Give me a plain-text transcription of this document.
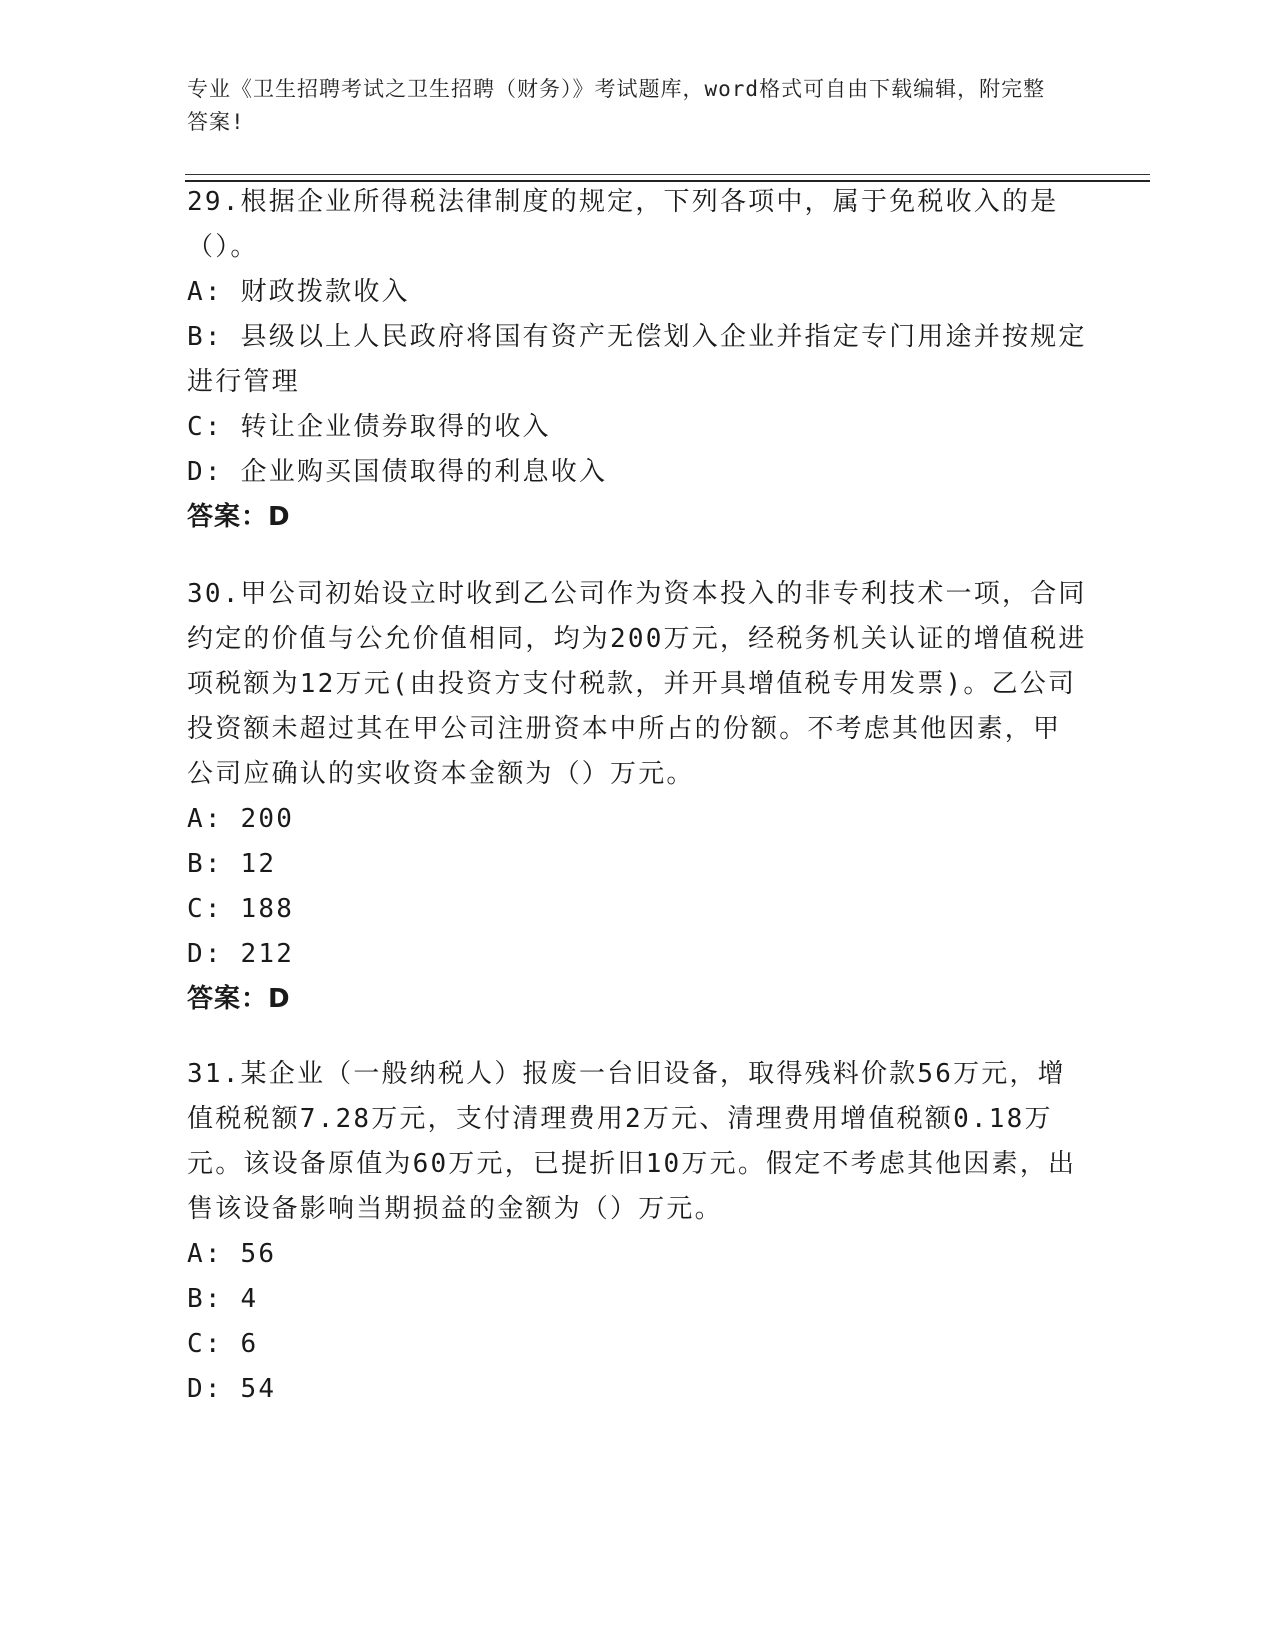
专业《卫生招聘考试之卫生招聘（财务）》考试题库，word格式可自由下载编辑，附完整答案!

29.根据企业所得税法律制度的规定，下列各项中，属于免税收入的是（）。

A: 财政拨款收入

B: 县级以上人民政府将国有资产无偿划入企业并指定专门用途并按规定进行管理

C: 转让企业债券取得的收入

D: 企业购买国债取得的利息收入

答案：D

30.甲公司初始设立时收到乙公司作为资本投入的非专利技术一项，合同约定的价值与公允价值相同，均为200万元，经税务机关认证的增值税进项税额为12万元(由投资方支付税款，并开具增值税专用发票)。乙公司投资额未超过其在甲公司注册资本中所占的份额。不考虑其他因素，甲公司应确认的实收资本金额为（）万元。

A: 200

B: 12

C: 188

D: 212

答案：D

31.某企业（一般纳税人）报废一台旧设备，取得残料价款56万元，增值税税额7.28万元，支付清理费用2万元、清理费用增值税额0.18万元。该设备原值为60万元，已提折旧10万元。假定不考虑其他因素，出售该设备影响当期损益的金额为（）万元。

A: 56

B: 4

C: 6

D: 54
